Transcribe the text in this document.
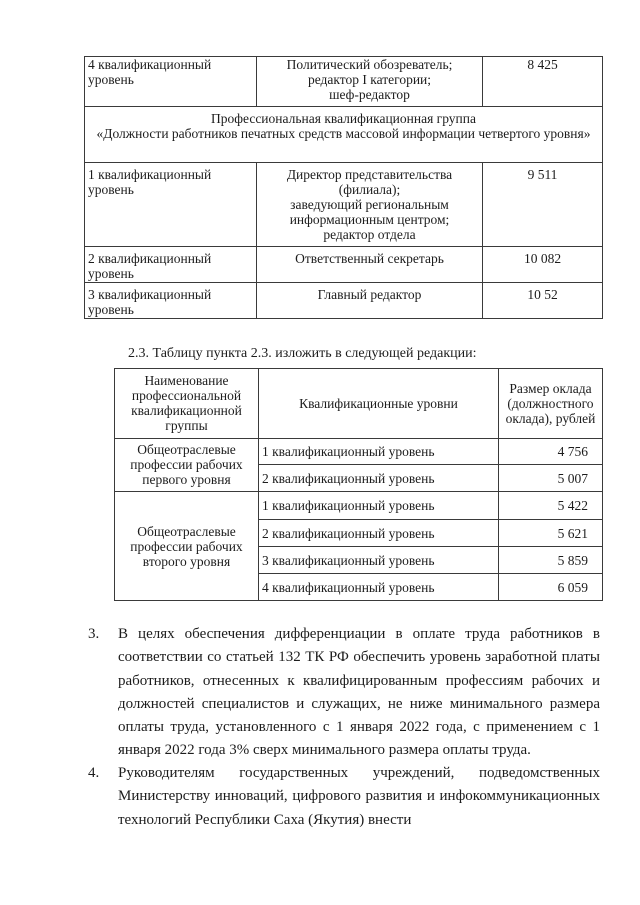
4 квалификационный уровень	Политический обозреватель;
редактор I категории;
шеф-редактор	8 425

Профессиональная квалификационная группа
«Должности работников печатных средств массовой информации четвертого уровня»		

1 квалификационный уровень	Директор представительства
(филиала);
заведующий региональным
информационным центром;
редактор отдела	9 511
2 квалификационный уровень	Ответственный секретарь	10 082
3 квалификационный уровень	Главный редактор	10 52
2.3. Таблицу пункта 2.3. изложить в следующей редакции:
Наименование профессиональной квалификационной группы	Квалификационные уровни	Размер оклада (должностного оклада), рублей
Общеотраслевые профессии рабочих первого уровня	1 квалификационный уровень	4 756
	2 квалификационный уровень	5 007
Общеотраслевые профессии рабочих второго уровня	1 квалификационный уровень	5 422
	2 квалификационный уровень	5 621
	3 квалификационный уровень	5 859
	4 квалификационный уровень	6 059
3. В целях обеспечения дифференциации в оплате труда работников в соответствии со статьей 132 ТК РФ обеспечить уровень заработной платы работников, отнесенных к квалифицированным профессиям рабочих и должностей специалистов и служащих, не ниже минимального размера оплаты труда, установленного с 1 января 2022 года, с применением с 1 января 2022 года 3% сверх минимального размера оплаты труда.
4. Руководителям государственных учреждений, подведомственных Министерству инноваций, цифрового развития и инфокоммуникационных технологий Республики Саха (Якутия) внести
